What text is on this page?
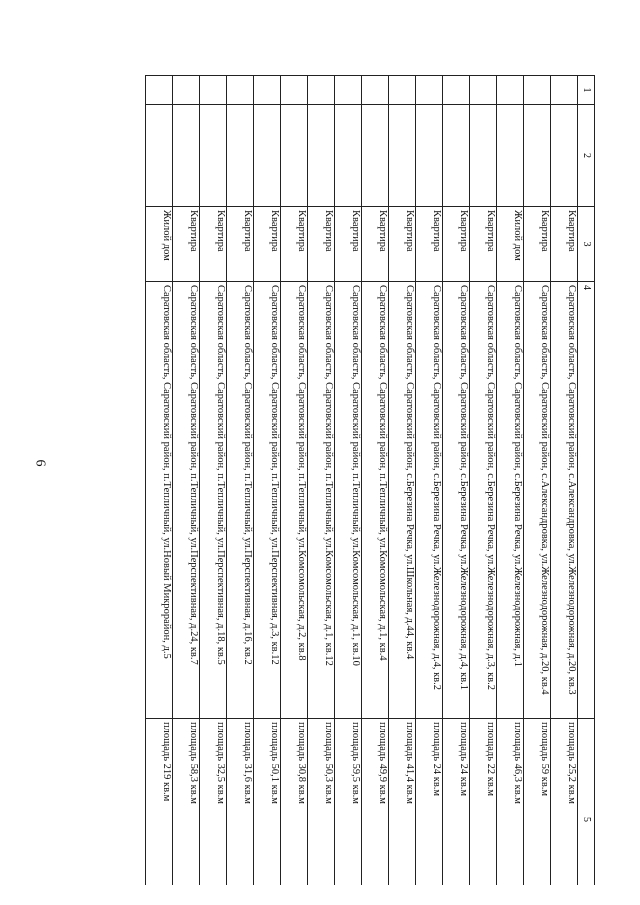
6
1	2	3	4	5
		Квартира	Саратовская область, Саратовский район, с.Александровка, ул.Железнодорожная, д.20, кв.3	площадь 25,2 кв.м
		Квартира	Саратовская область, Саратовский район, с.Александровка, ул.Железнодорожная, д.20, кв.4	площадь 59 кв.м
		Жилой дом	Саратовская область, Саратовский район, с.Березина Речка, ул.Железнодорожная, д.1	площадь 46,3 кв.м
		Квартира	Саратовская область, Саратовский район, с.Березина Речка, ул.Железнодорожная, д.3, кв.2	площадь 22 кв.м
		Квартира	Саратовская область, Саратовский район, с.Березина Речка, ул.Железнодорожная, д.4, кв.1	площадь 24 кв.м
		Квартира	Саратовская область, Саратовский район, с.Березина Речка, ул.Железнодорожная, д.4, кв.2	площадь 24 кв.м
		Квартира	Саратовская область, Саратовский район, с.Березина Речка, ул.Школьная, д.44, кв.4	площадь 41,4 кв.м
		Квартира	Саратовская область, Саратовский район, п.Тепличный, ул.Комсомольская, д.1, кв.4	площадь 49,9 кв.м
		Квартира	Саратовская область, Саратовский район, п.Тепличный, ул.Комсомольская, д.1, кв.10	площадь 59,5 кв.м
		Квартира	Саратовская область, Саратовский район, п.Тепличный, ул.Комсомольская, д.1, кв.12	площадь 50,3 кв.м
		Квартира	Саратовская область, Саратовский район, п.Тепличный, ул.Комсомольская, д.2, кв.8	площадь 30,8 кв.м
		Квартира	Саратовская область, Саратовский район, п.Тепличный, ул.Перспективная, д.3, кв.12	площадь 50,1 кв.м
		Квартира	Саратовская область, Саратовский район, п.Тепличный, ул.Перспективная, д.16, кв.2	площадь 31,6 кв.м
		Квартира	Саратовская область, Саратовский район, п.Тепличный, ул.Перспективная, д.18, кв.5	площадь 32,5 кв.м
		Квартира	Саратовская область, Саратовский район, п.Тепличный, ул.Перспективная, д.24, кв.7	площадь 58,3 кв.м
		Жилой дом	Саратовская область, Саратовский район, п.Тепличный, ул.Новый Микрорайон, д.5	площадь 219 кв.м
